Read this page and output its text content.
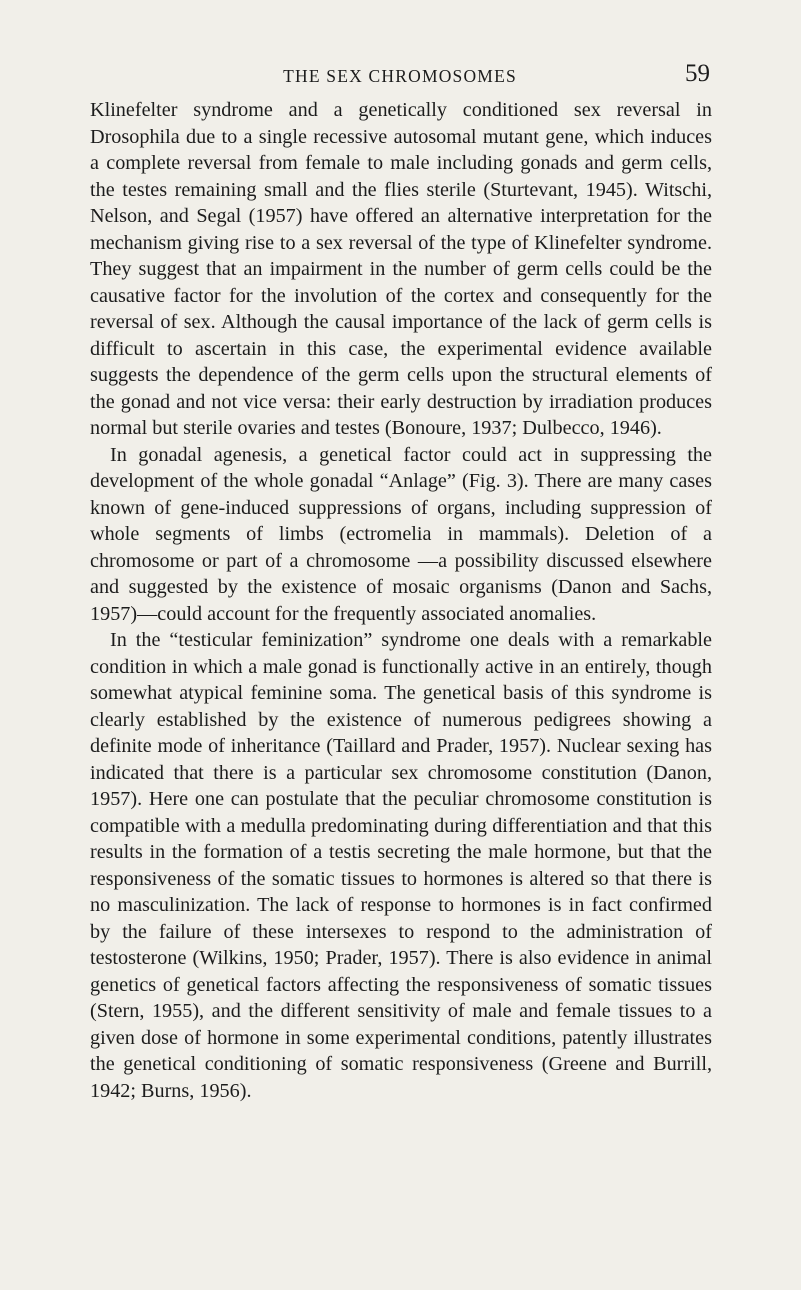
THE SEX CHROMOSOMES	59

Klinefelter syndrome and a genetically conditioned sex reversal in Drosophila due to a single recessive autosomal mutant gene, which induces a complete reversal from female to male including gonads and germ cells, the testes remaining small and the flies sterile (Sturtevant, 1945). Witschi, Nelson, and Segal (1957) have offered an alternative interpretation for the mechanism giving rise to a sex reversal of the type of Klinefelter syndrome. They suggest that an impairment in the number of germ cells could be the causative factor for the involution of the cortex and consequently for the reversal of sex. Although the causal importance of the lack of germ cells is difficult to ascertain in this case, the experimental evidence available suggests the dependence of the germ cells upon the structural elements of the gonad and not vice versa: their early destruction by irradiation produces normal but sterile ovaries and testes (Bonoure, 1937; Dulbecco, 1946).

In gonadal agenesis, a genetical factor could act in suppressing the development of the whole gonadal “Anlage” (Fig. 3). There are many cases known of gene-induced suppressions of organs, including suppression of whole segments of limbs (ectromelia in mammals). Deletion of a chromosome or part of a chromosome —a possibility discussed elsewhere and suggested by the existence of mosaic organisms (Danon and Sachs, 1957)—could account for the frequently associated anomalies.

In the “testicular feminization” syndrome one deals with a remarkable condition in which a male gonad is functionally active in an entirely, though somewhat atypical feminine soma. The genetical basis of this syndrome is clearly established by the existence of numerous pedigrees showing a definite mode of inheritance (Taillard and Prader, 1957). Nuclear sexing has indicated that there is a particular sex chromosome constitution (Danon, 1957). Here one can postulate that the peculiar chromosome constitution is compatible with a medulla predominating during differentiation and that this results in the formation of a testis secreting the male hormone, but that the responsiveness of the somatic tissues to hormones is altered so that there is no masculinization. The lack of response to hormones is in fact confirmed by the failure of these intersexes to respond to the administration of testosterone (Wilkins, 1950; Prader, 1957). There is also evidence in animal genetics of genetical factors affecting the responsiveness of somatic tissues (Stern, 1955), and the different sensitivity of male and female tissues to a given dose of hormone in some experimental conditions, patently illustrates the genetical conditioning of somatic responsiveness (Greene and Burrill, 1942; Burns, 1956).
